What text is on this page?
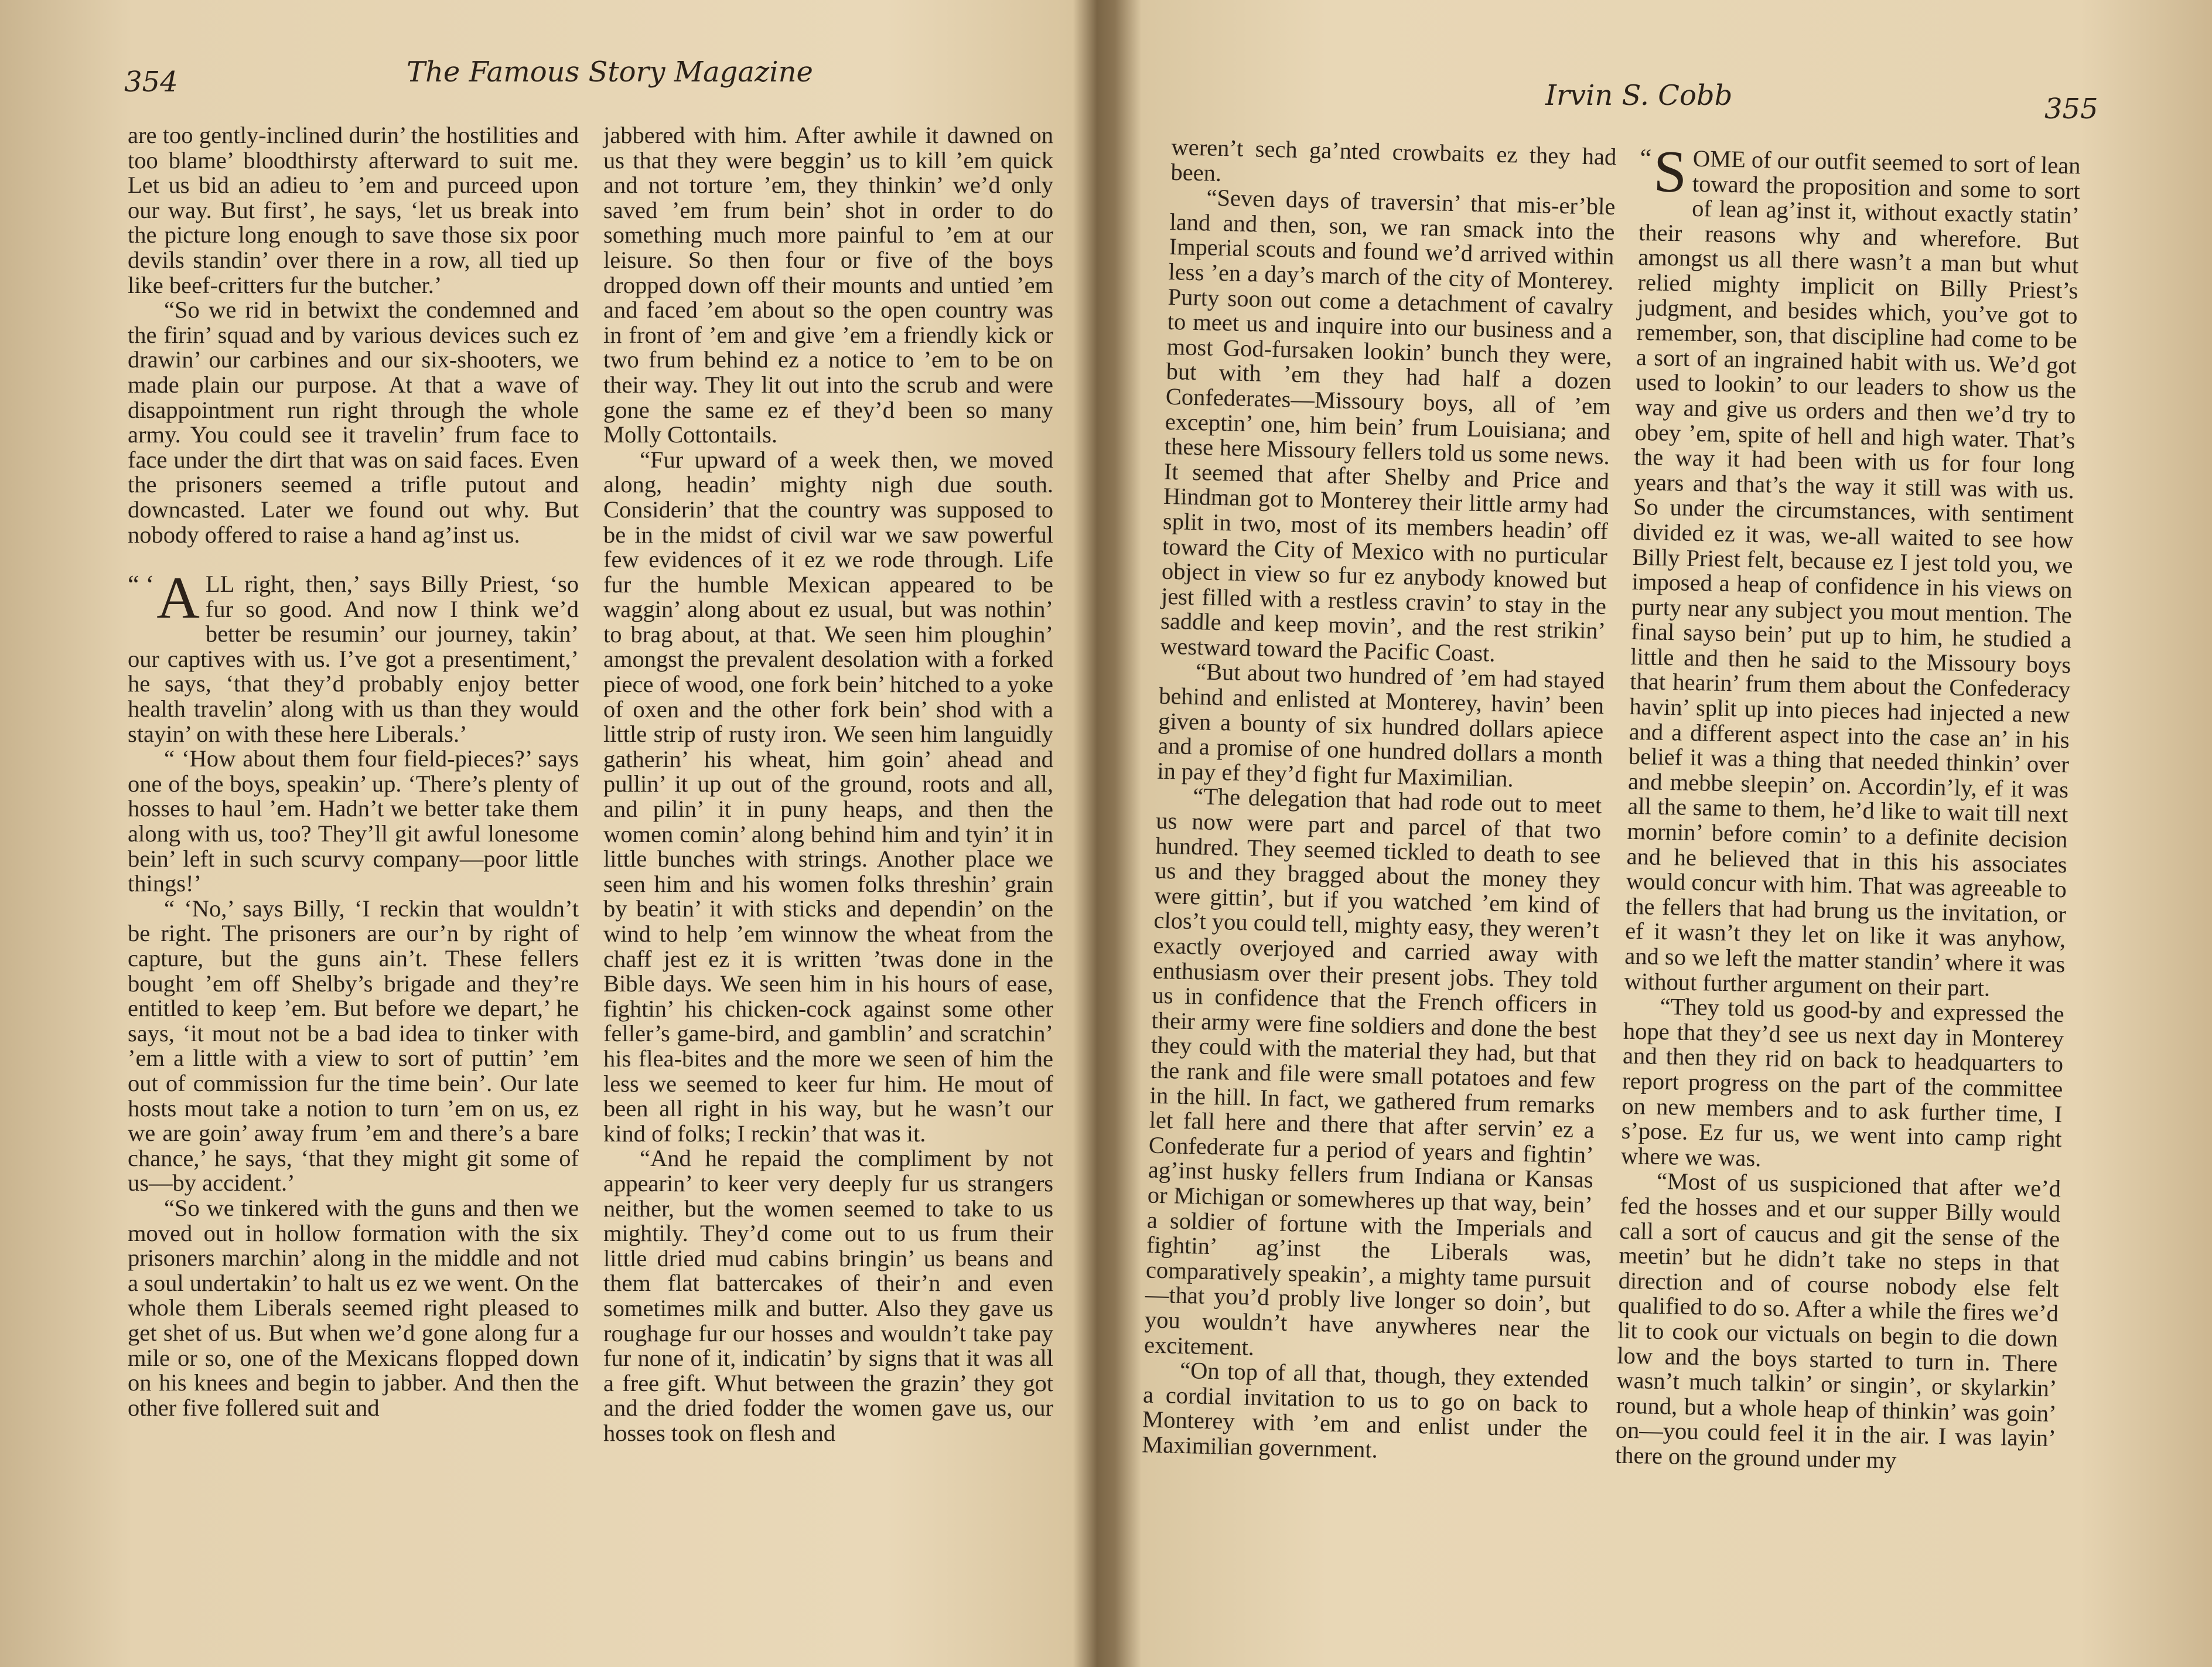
354	The Famous Story Magazine

are too gently-inclined durin’ the hostilities and too blame’ bloodthirsty afterward to suit me. Let us bid an adieu to ’em and purceed upon our way. But first’, he says, ‘let us break into the picture long enough to save those six poor devils standin’ over there in a row, all tied up like beef-critters fur the butcher.’

“So we rid in betwixt the condemned and the firin’ squad and by various devices such ez drawin’ our carbines and our six-shooters, we made plain our purpose. At that a wave of disappointment run right through the whole army. You could see it travelin’ frum face to face under the dirt that was on said faces. Even the prisoners seemed a trifle putout and downcasted. Later we found out why. But nobody offered to raise a hand ag’inst us.

“ ‘ A LL right, then,’ says Billy Priest, ‘so fur so good. And now I think we’d better be resumin’ our journey, takin’ our captives with us. I’ve got a presentiment,’ he says, ‘that they’d probably enjoy better health travelin’ along with us than they would stayin’ on with these here Liberals.’

“ ‘How about them four field-pieces?’ says one of the boys, speakin’ up. ‘There’s plenty of hosses to haul ’em. Hadn’t we better take them along with us, too? They’ll git awful lonesome bein’ left in such scurvy company—poor little things!’

“ ‘No,’ says Billy, ‘I reckin that wouldn’t be right. The prisoners are our’n by right of capture, but the guns ain’t. These fellers bought ’em off Shelby’s brigade and they’re entitled to keep ’em. But before we depart,’ he says, ‘it mout not be a bad idea to tinker with ’em a little with a view to sort of puttin’ ’em out of commission fur the time bein’. Our late hosts mout take a notion to turn ’em on us, ez we are goin’ away frum ’em and there’s a bare chance,’ he says, ‘that they might git some of us—by accident.’

“So we tinkered with the guns and then we moved out in hollow formation with the six prisoners marchin’ along in the middle and not a soul undertakin’ to halt us ez we went. On the whole them Liberals seemed right pleased to get shet of us. But when we’d gone along fur a mile or so, one of the Mexicans flopped down on his knees and begin to jabber. And then the other five follered suit and

jabbered with him. After awhile it dawned on us that they were beggin’ us to kill ’em quick and not torture ’em, they thinkin’ we’d only saved ’em frum bein’ shot in order to do something much more painful to ’em at our leisure. So then four or five of the boys dropped down off their mounts and untied ’em and faced ’em about so the open country was in front of ’em and give ’em a friendly kick or two frum behind ez a notice to ’em to be on their way. They lit out into the scrub and were gone the same ez ef they’d been so many Molly Cottontails.

“Fur upward of a week then, we moved along, headin’ mighty nigh due south. Considerin’ that the country was supposed to be in the midst of civil war we saw powerful few evidences of it ez we rode through. Life fur the humble Mexican appeared to be waggin’ along about ez usual, but was nothin’ to brag about, at that. We seen him ploughin’ amongst the prevalent desolation with a forked piece of wood, one fork bein’ hitched to a yoke of oxen and the other fork bein’ shod with a little strip of rusty iron. We seen him languidly gatherin’ his wheat, him goin’ ahead and pullin’ it up out of the ground, roots and all, and pilin’ it in puny heaps, and then the women comin’ along behind him and tyin’ it in little bunches with strings. Another place we seen him and his women folks threshin’ grain by beatin’ it with sticks and dependin’ on the wind to help ’em winnow the wheat from the chaff jest ez it is written ’twas done in the Bible days. We seen him in his hours of ease, fightin’ his chicken-cock against some other feller’s game-bird, and gamblin’ and scratchin’ his flea-bites and the more we seen of him the less we seemed to keer fur him. He mout of been all right in his way, but he wasn’t our kind of folks; I reckin’ that was it.

“And he repaid the compliment by not appearin’ to keer very deeply fur us strangers neither, but the women seemed to take to us mightily. They’d come out to us frum their little dried mud cabins bringin’ us beans and them flat battercakes of their’n and even sometimes milk and butter. Also they gave us roughage fur our hosses and wouldn’t take pay fur none of it, indicatin’ by signs that it was all a free gift. Whut between the grazin’ they got and the dried fodder the women gave us, our hosses took on flesh and

Irvin S. Cobb	355

weren’t sech ga’nted crowbaits ez they had been.

“Seven days of traversin’ that mis-er’ble land and then, son, we ran smack into the Imperial scouts and found we’d arrived within less ’en a day’s march of the city of Monterey. Purty soon out come a detachment of cavalry to meet us and inquire into our business and a most God-fursaken lookin’ bunch they were, but with ’em they had half a dozen Confederates—Missoury boys, all of ’em exceptin’ one, him bein’ frum Louisiana; and these here Missoury fellers told us some news. It seemed that after Shelby and Price and Hindman got to Monterey their little army had split in two, most of its members headin’ off toward the City of Mexico with no purticular object in view so fur ez anybody knowed but jest filled with a restless cravin’ to stay in the saddle and keep movin’, and the rest strikin’ westward toward the Pacific Coast.

“But about two hundred of ’em had stayed behind and enlisted at Monterey, havin’ been given a bounty of six hundred dollars apiece and a promise of one hundred dollars a month in pay ef they’d fight fur Maximilian.

“The delegation that had rode out to meet us now were part and parcel of that two hundred. They seemed tickled to death to see us and they bragged about the money they were gittin’, but if you watched ’em kind of clos’t you could tell, mighty easy, they weren’t exactly overjoyed and carried away with enthusiasm over their present jobs. They told us in confidence that the French officers in their army were fine soldiers and done the best they could with the material they had, but that the rank and file were small potatoes and few in the hill. In fact, we gathered frum remarks let fall here and there that after servin’ ez a Confederate fur a period of years and fightin’ ag’inst husky fellers frum Indiana or Kansas or Michigan or somewheres up that way, bein’ a soldier of fortune with the Imperials and fightin’ ag’inst the Liberals was, comparatively speakin’, a mighty tame pursuit—that you’d probly live longer so doin’, but you wouldn’t have anywheres near the excitement.

“On top of all that, though, they extended a cordial invitation to us to go on back to Monterey with ’em and enlist under the Maximilian government.

“ S OME of our outfit seemed to sort of lean toward the proposition and some to sort of lean ag’inst it, without exactly statin’ their reasons why and wherefore. But amongst us all there wasn’t a man but whut relied mighty implicit on Billy Priest’s judgment, and besides which, you’ve got to remember, son, that discipline had come to be a sort of an ingrained habit with us. We’d got used to lookin’ to our leaders to show us the way and give us orders and then we’d try to obey ’em, spite of hell and high water. That’s the way it had been with us for four long years and that’s the way it still was with us. So under the circumstances, with sentiment divided ez it was, we-all waited to see how Billy Priest felt, because ez I jest told you, we imposed a heap of confidence in his views on purty near any subject you mout mention. The final sayso bein’ put up to him, he studied a little and then he said to the Missoury boys that hearin’ frum them about the Confederacy havin’ split up into pieces had injected a new and a different aspect into the case an’ in his belief it was a thing that needed thinkin’ over and mebbe sleepin’ on. Accordin’ly, ef it was all the same to them, he’d like to wait till next mornin’ before comin’ to a definite decision and he believed that in this his associates would concur with him. That was agreeable to the fellers that had brung us the invitation, or ef it wasn’t they let on like it was anyhow, and so we left the matter standin’ where it was without further argument on their part.

“They told us good-by and expressed the hope that they’d see us next day in Monterey and then they rid on back to headquarters to report progress on the part of the committee on new members and to ask further time, I s’pose. Ez fur us, we went into camp right where we was.

“Most of us suspicioned that after we’d fed the hosses and et our supper Billy would call a sort of caucus and git the sense of the meetin’ but he didn’t take no steps in that direction and of course nobody else felt qualified to do so. After a while the fires we’d lit to cook our victuals on begin to die down low and the boys started to turn in. There wasn’t much talkin’ or singin’, or skylarkin’ round, but a whole heap of thinkin’ was goin’ on—you could feel it in the air. I was layin’ there on the ground under my
